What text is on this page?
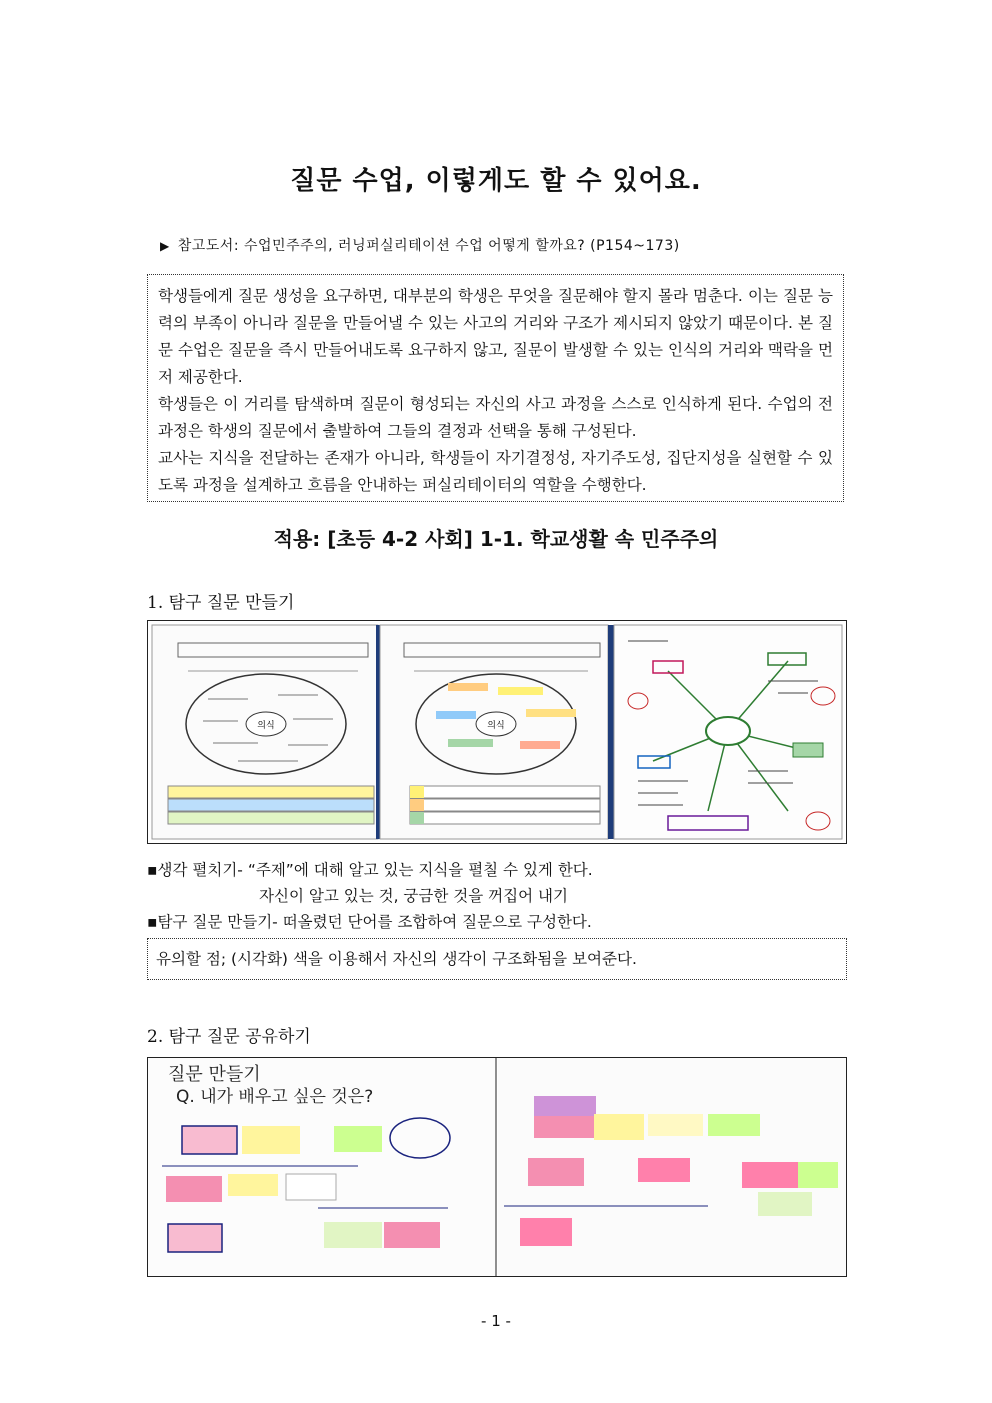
질문 수업, 이렇게도 할 수 있어요.
▶ 참고도서: 수업민주주의, 러닝퍼실리테이션 수업 어떻게 할까요? (P154~173)

학생들에게 질문 생성을 요구하면, 대부분의 학생은 무엇을 질문해야 할지 몰라 멈춘다. 이는 질문 능력의 부족이 아니라 질문을 만들어낼 수 있는 사고의 거리와 구조가 제시되지 않았기 때문이다. 본 질문 수업은 질문을 즉시 만들어내도록 요구하지 않고, 질문이 발생할 수 있는 인식의 거리와 맥락을 먼저 제공한다.

학생들은 이 거리를 탐색하며 질문이 형성되는 자신의 사고 과정을 스스로 인식하게 된다. 수업의 전 과정은 학생의 질문에서 출발하여 그들의 결정과 선택을 통해 구성된다.

교사는 지식을 전달하는 존재가 아니라, 학생들이 자기결정성, 자기주도성, 집단지성을 실현할 수 있도록 과정을 설계하고 흐름을 안내하는 퍼실리테이터의 역할을 수행한다.

적용: [초등 4-2 사회] 1-1. 학교생활 속 민주주의
1. 탐구 질문 만들기
의식	의식
▪생각 펼치기- “주제”에 대해 알고 있는 지식을 펼칠 수 있게 한다.
자신이 알고 있는 것, 궁금한 것을 꺼집어 내기
▪탐구 질문 만들기- 떠올렸던 단어를 조합하여 질문으로 구성한다.
유의할 점; (시각화) 색을 이용해서 자신의 생각이 구조화됨을 보여준다.
2. 탐구 질문 공유하기
질문 만들기
Q. 내가 배우고 싶은 것은?
- 1 -
